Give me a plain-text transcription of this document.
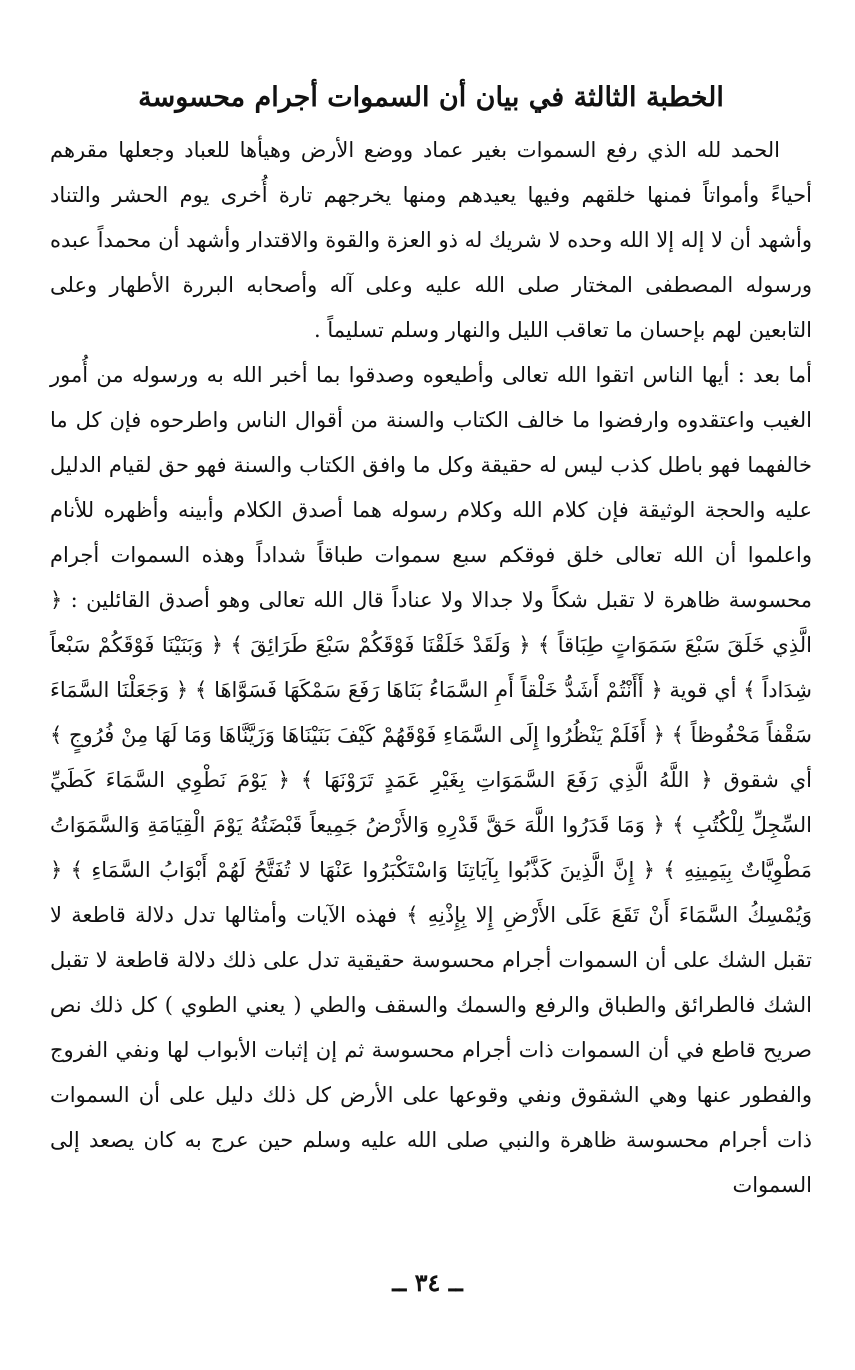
الخطبة الثالثة في بيان أن السموات أجرام محسوسة

الحمد لله الذي رفع السموات بغير عماد ووضع الأرض وهيأها للعباد وجعلها مقرهم أحياءً وأمواتاً فمنها خلقهم وفيها يعيدهم ومنها يخرجهم تارة أُخرى يوم الحشر والتناد وأشهد أن لا إله إلا الله وحده لا شريك له ذو العزة والقوة والاقتدار وأشهد أن محمداً عبده ورسوله المصطفى المختار صلى الله عليه وعلى آله وأصحابه البررة الأطهار وعلى التابعين لهم بإحسان ما تعاقب الليل والنهار وسلم تسليماً .

أما بعد : أيها الناس اتقوا الله تعالى وأطيعوه وصدقوا بما أخبر الله به ورسوله من أُمور الغيب واعتقدوه وارفضوا ما خالف الكتاب والسنة من أقوال الناس واطرحوه فإن كل ما خالفهما فهو باطل كذب ليس له حقيقة وكل ما وافق الكتاب والسنة فهو حق لقيام الدليل عليه والحجة الوثيقة فإن كلام الله وكلام رسوله هما أصدق الكلام وأبينه وأظهره للأنام واعلموا أن الله تعالى خلق فوقكم سبع سموات طباقاً شداداً وهذه السموات أجرام محسوسة ظاهرة لا تقبل شكاً ولا جدالا ولا عناداً قال الله تعالى وهو أصدق القائلين : ﴿ الَّذِي خَلَقَ سَبْعَ سَمَوَاتٍ طِبَاقاً ﴾ ﴿ وَلَقَدْ خَلَقْنَا فَوْقَكُمْ سَبْعَ طَرَائِقَ ﴾ ﴿ وَبَنَيْنَا فَوْقَكُمْ سَبْعاً شِدَاداً ﴾ أي قوية ﴿ أَأَنْتُمْ أَشَدُّ خَلْقاً أَمِ السَّمَاءُ بَنَاهَا رَفَعَ سَمْكَهَا فَسَوَّاهَا ﴾ ﴿ وَجَعَلْنَا السَّمَاءَ سَقْفاً مَحْفُوظاً ﴾ ﴿ أَفَلَمْ يَنْظُرُوا إِلَى السَّمَاءِ فَوْقَهُمْ كَيْفَ بَنَيْنَاهَا وَزَيَّنَّاهَا وَمَا لَهَا مِنْ فُرُوجٍ ﴾ أي شقوق ﴿ اللَّهُ الَّذِي رَفَعَ السَّمَوَاتِ بِغَيْرِ عَمَدٍ تَرَوْنَهَا ﴾ ﴿ يَوْمَ نَطْوِي السَّمَاءَ كَطَيِّ السِّجِلِّ لِلْكُتُبِ ﴾ ﴿ وَمَا قَدَرُوا اللَّهَ حَقَّ قَدْرِهِ وَالأَرْضُ جَمِيعاً قَبْضَتُهُ يَوْمَ الْقِيَامَةِ وَالسَّمَوَاتُ مَطْوِيَّاتٌ بِيَمِينِهِ ﴾ ﴿ إِنَّ الَّذِينَ كَذَّبُوا بِآيَاتِنَا وَاسْتَكْبَرُوا عَنْهَا لا تُفَتَّحُ لَهُمْ أَبْوَابُ السَّمَاءِ ﴾ ﴿ وَيُمْسِكُ السَّمَاءَ أَنْ تَقَعَ عَلَى الأَرْضِ إِلا بِإِذْنِهِ ﴾ فهذه الآيات وأمثالها تدل دلالة قاطعة لا تقبل الشك على أن السموات أجرام محسوسة حقيقية تدل على ذلك دلالة قاطعة لا تقبل الشك فالطرائق والطباق والرفع والسمك والسقف والطي ( يعني الطوي ) كل ذلك نص صريح قاطع في أن السموات ذات أجرام محسوسة ثم إن إثبات الأبواب لها ونفي الفروج والفطور عنها وهي الشقوق ونفي وقوعها على الأرض كل ذلك دليل على أن السموات ذات أجرام محسوسة ظاهرة والنبي صلى الله عليه وسلم حين عرج به كان يصعد إلى السموات

ــ ٣٤ ــ
